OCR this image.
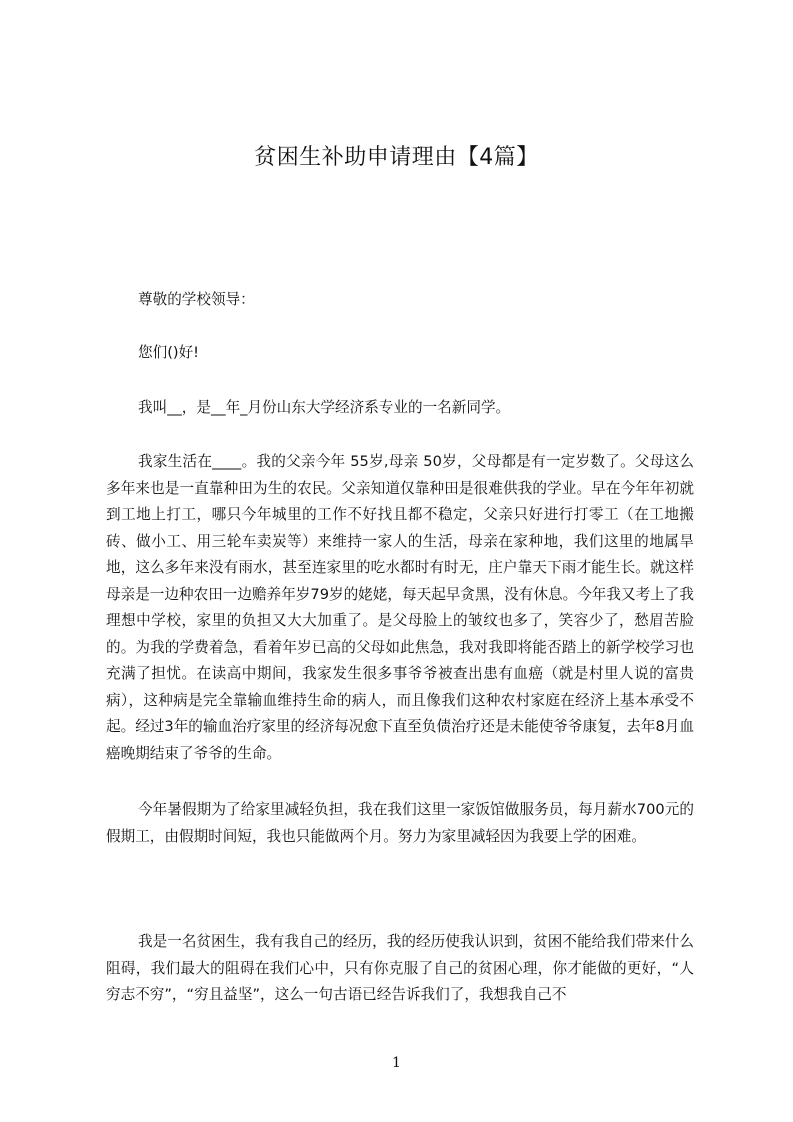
贫困生补助申请理由【4篇】

尊敬的学校领导：

您们()好!

我叫__，是__年_月份山东大学经济系专业的一名新同学。

我家生活在____。我的父亲今年 55岁,母亲 50岁，父母都是有一定岁数了。父母这么多年来也是一直靠种田为生的农民。父亲知道仅靠种田是很难供我的学业。早在今年年初就到工地上打工，哪只今年城里的工作不好找且都不稳定，父亲只好进行打零工（在工地搬砖、做小工、用三轮车卖炭等）来维持一家人的生活，母亲在家种地，我们这里的地属旱地，这么多年来没有雨水，甚至连家里的吃水都时有时无，庄户靠天下雨才能生长。就这样母亲是一边种农田一边赡养年岁79岁的姥姥，每天起早贪黑，没有休息。今年我又考上了我理想中学校，家里的负担又大大加重了。是父母脸上的皱纹也多了，笑容少了，愁眉苦脸的。为我的学费着急，看着年岁已高的父母如此焦急，我对我即将能否踏上的新学校学习也充满了担忧。在读高中期间，我家发生很多事爷爷被查出患有血癌（就是村里人说的富贵病），这种病是完全靠输血维持生命的病人，而且像我们这种农村家庭在经济上基本承受不起。经过3年的输血治疗家里的经济每况愈下直至负债治疗还是未能使爷爷康复，去年8月血癌晚期结束了爷爷的生命。

今年暑假期为了给家里减轻负担，我在我们这里一家饭馆做服务员，每月薪水700元的假期工，由假期时间短，我也只能做两个月。努力为家里减轻因为我要上学的困难。

我是一名贫困生，我有我自己的经历，我的经历使我认识到，贫困不能给我们带来什么阻碍，我们最大的阻碍在我们心中，只有你克服了自己的贫困心理，你才能做的更好，“人穷志不穷”，“穷且益坚”，这么一句古语已经告诉我们了，我想我自己不

1
